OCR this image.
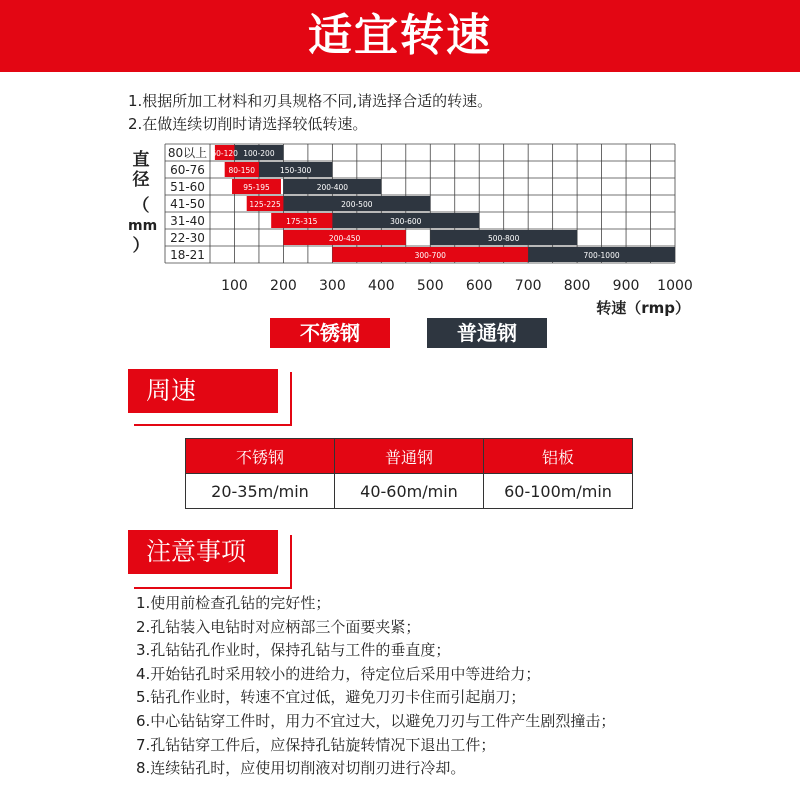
适宜转速
1.根据所加工材料和刃具规格不同,请选择合适的转速。
2.在做连续切削时请选择较低转速。
直
径
（
mm
）
80以上
60-76
51-60
41-50
31-40
22-30
18-21
60-120
80-150
95-195
125-225
175-315
200-450
300-700
100-200
150-300
200-400
200-500
300-600
500-800
700-1000
100 200 300 400 500 600 700 800 900 1000
转速（rmp）
不锈钢	普通钢
周速
不锈钢	普通钢	铝板
20-35m/min	40-60m/min	60-100m/min
注意事项
1.使用前检查孔钻的完好性；
2.孔钻装入电钻时对应柄部三个面要夹紧；
3.孔钻钻孔作业时，保持孔钻与工件的垂直度；
4.开始钻孔时采用较小的进给力，待定位后采用中等进给力；
5.钻孔作业时，转速不宜过低，避免刀刃卡住而引起崩刀；
6.中心钻钻穿工件时，用力不宜过大，以避免刀刃与工件产生剧烈撞击；
7.孔钻钻穿工件后，应保持孔钻旋转情况下退出工件；
8.连续钻孔时，应使用切削液对切削刃进行冷却。
